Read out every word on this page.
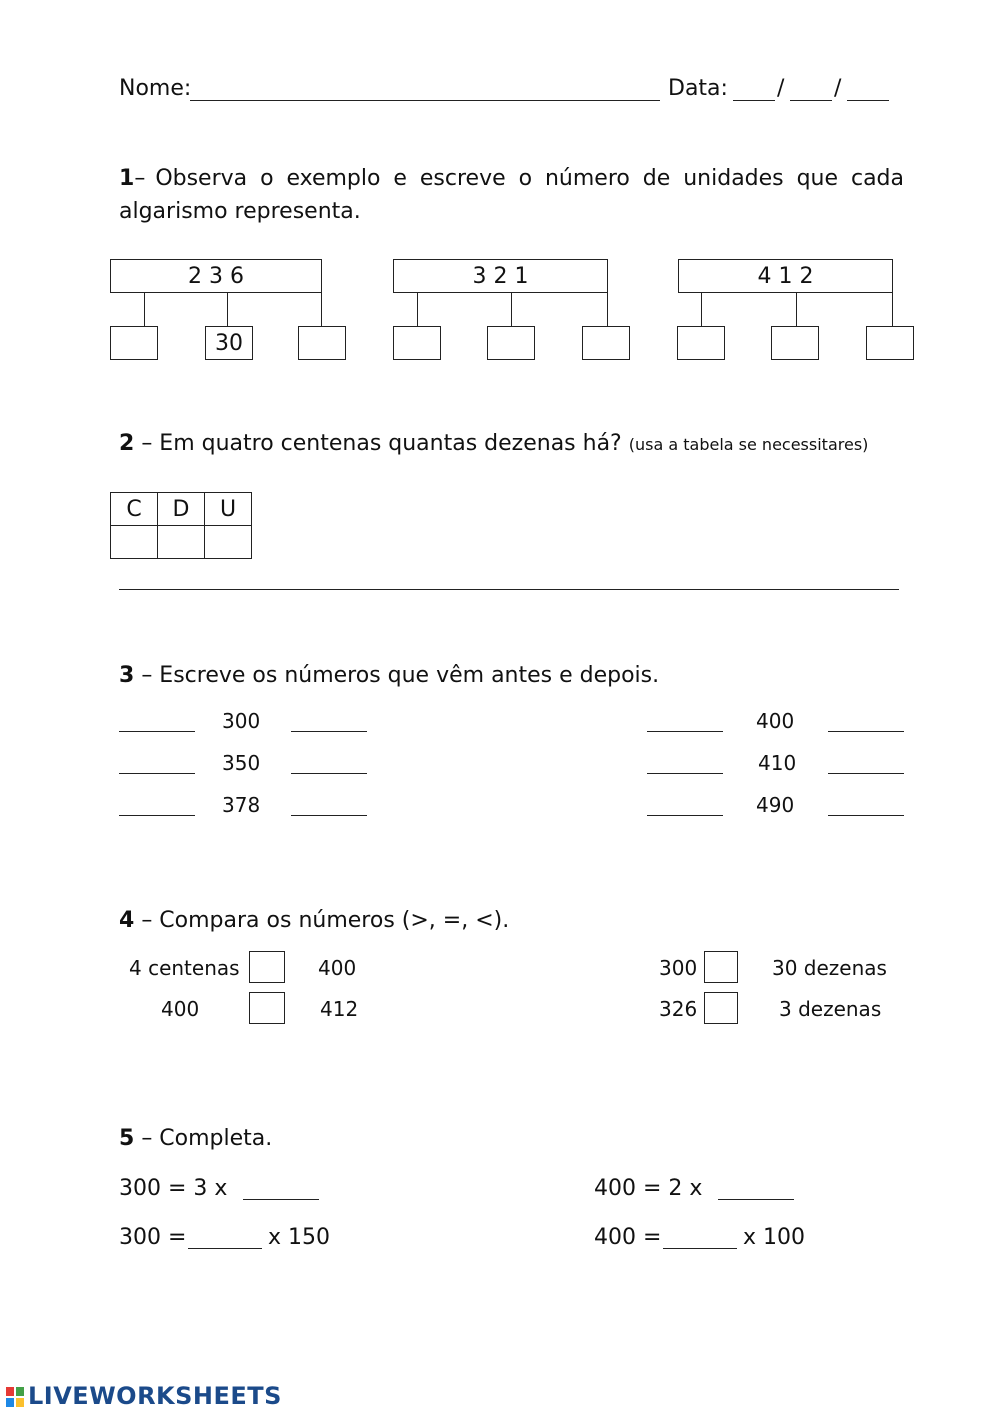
Nome:	Data: / /
1 – Observa o exemplo e escreve o número de unidades que cada
algarismo representa.
2 3 6
30
3 2 1	4 1 2
2 – Em quatro centenas quantas dezenas há? (usa a tabela se necessitares)
C	D	U

3 – Escreve os números que vêm antes e depois.
300
350
378
400
410
490
4 – Compara os números (>, =, <).
4 centenas	400
400	412
300	30 dezenas
326	3 dezenas
5 – Completa.
300 = 3 x	400 = 2 x
300 =	x 150	400 =	x 100
LIVEWORKSHEETS
